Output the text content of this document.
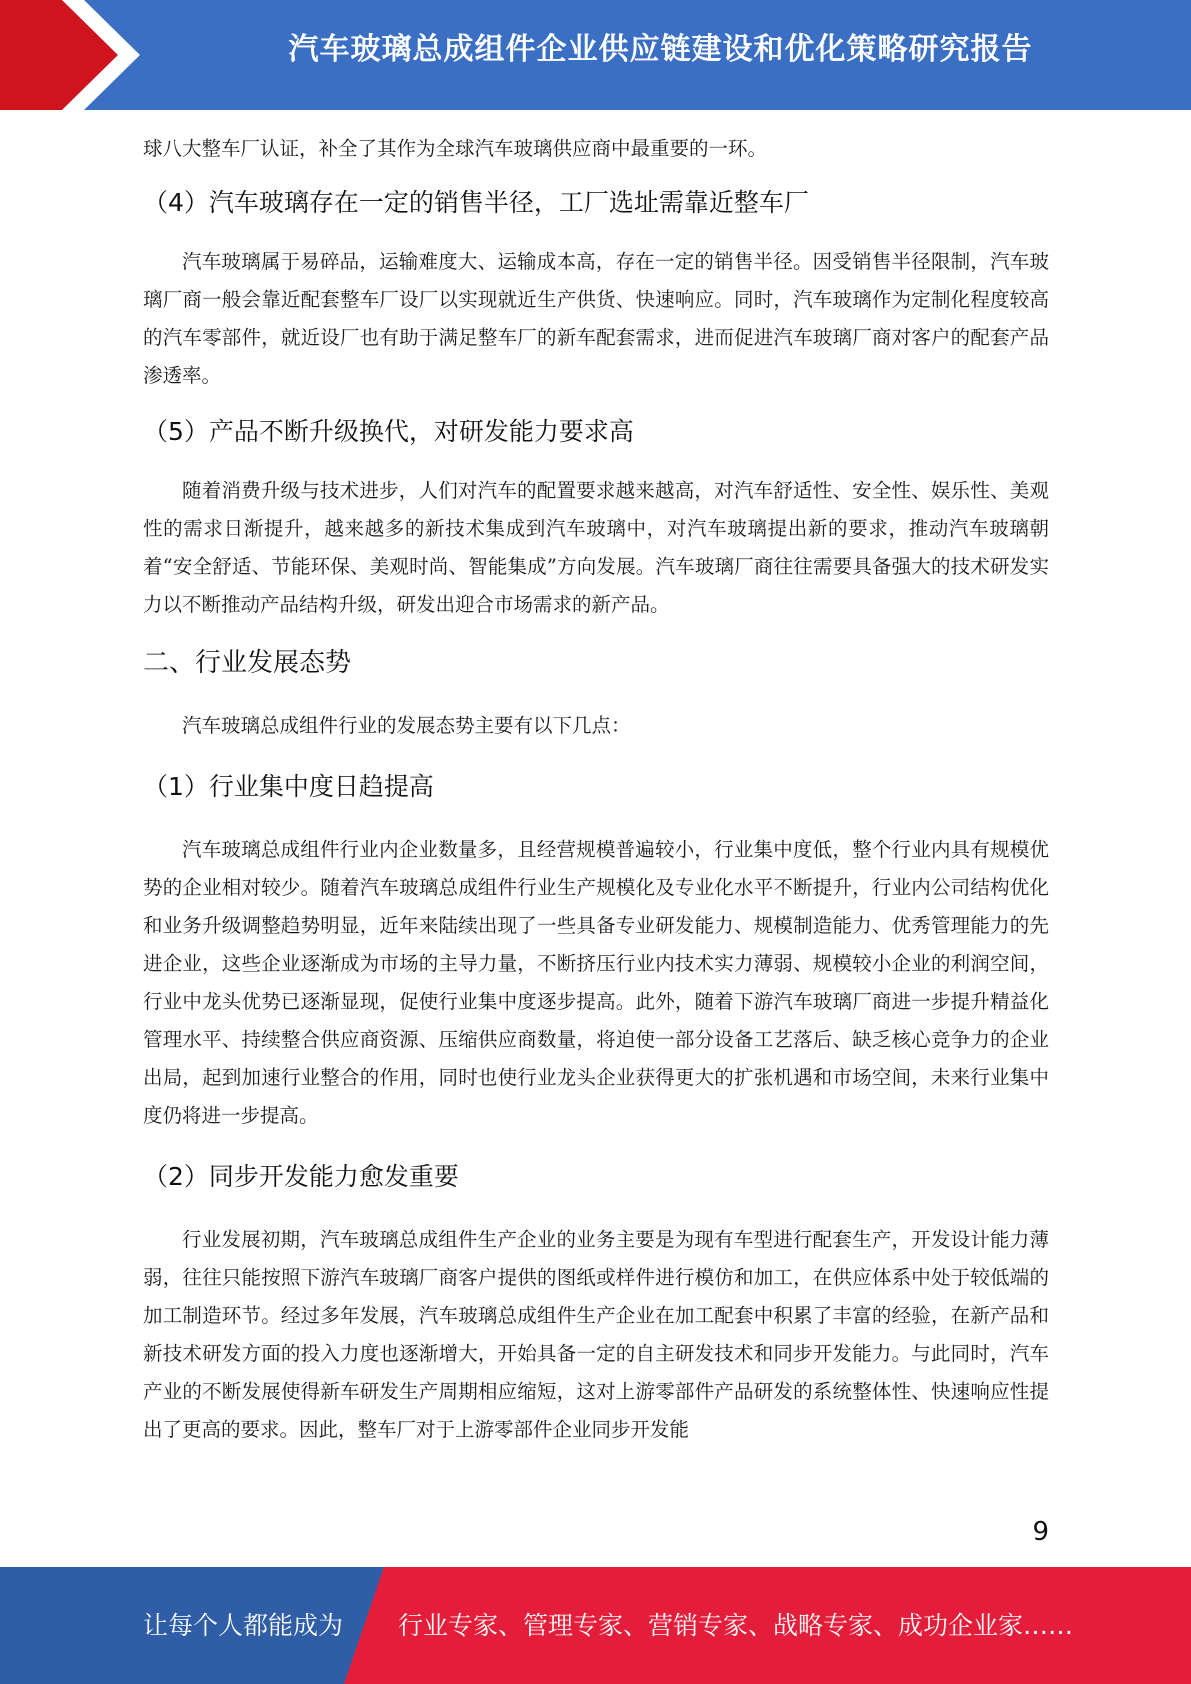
汽车玻璃总成组件企业供应链建设和优化策略研究报告

球八大整车厂认证，补全了其作为全球汽车玻璃供应商中最重要的一环。

（4）汽车玻璃存在一定的销售半径，工厂选址需靠近整车厂

汽车玻璃属于易碎品，运输难度大、运输成本高，存在一定的销售半径。因受销售半径限制，汽车玻璃厂商一般会靠近配套整车厂设厂以实现就近生产供货、快速响应。同时，汽车玻璃作为定制化程度较高的汽车零部件，就近设厂也有助于满足整车厂的新车配套需求，进而促进汽车玻璃厂商对客户的配套产品渗透率。

（5）产品不断升级换代，对研发能力要求高

随着消费升级与技术进步，人们对汽车的配置要求越来越高，对汽车舒适性、安全性、娱乐性、美观性的需求日渐提升，越来越多的新技术集成到汽车玻璃中，对汽车玻璃提出新的要求，推动汽车玻璃朝着“安全舒适、节能环保、美观时尚、智能集成”方向发展。汽车玻璃厂商往往需要具备强大的技术研发实力以不断推动产品结构升级，研发出迎合市场需求的新产品。

二、行业发展态势

汽车玻璃总成组件行业的发展态势主要有以下几点：

（1）行业集中度日趋提高

汽车玻璃总成组件行业内企业数量多，且经营规模普遍较小，行业集中度低，整个行业内具有规模优势的企业相对较少。随着汽车玻璃总成组件行业生产规模化及专业化水平不断提升，行业内公司结构优化和业务升级调整趋势明显，近年来陆续出现了一些具备专业研发能力、规模制造能力、优秀管理能力的先进企业，这些企业逐渐成为市场的主导力量，不断挤压行业内技术实力薄弱、规模较小企业的利润空间，行业中龙头优势已逐渐显现，促使行业集中度逐步提高。此外，随着下游汽车玻璃厂商进一步提升精益化管理水平、持续整合供应商资源、压缩供应商数量，将迫使一部分设备工艺落后、缺乏核心竞争力的企业出局，起到加速行业整合的作用，同时也使行业龙头企业获得更大的扩张机遇和市场空间，未来行业集中度仍将进一步提高。

（2）同步开发能力愈发重要

行业发展初期，汽车玻璃总成组件生产企业的业务主要是为现有车型进行配套生产，开发设计能力薄弱，往往只能按照下游汽车玻璃厂商客户提供的图纸或样件进行模仿和加工，在供应体系中处于较低端的加工制造环节。经过多年发展，汽车玻璃总成组件生产企业在加工配套中积累了丰富的经验，在新产品和新技术研发方面的投入力度也逐渐增大，开始具备一定的自主研发技术和同步开发能力。与此同时，汽车产业的不断发展使得新车研发生产周期相应缩短，这对上游零部件产品研发的系统整体性、快速响应性提出了更高的要求。因此，整车厂对于上游零部件企业同步开发能

9
让每个人都能成为 行业专家、管理专家、营销专家、战略专家、成功企业家……
